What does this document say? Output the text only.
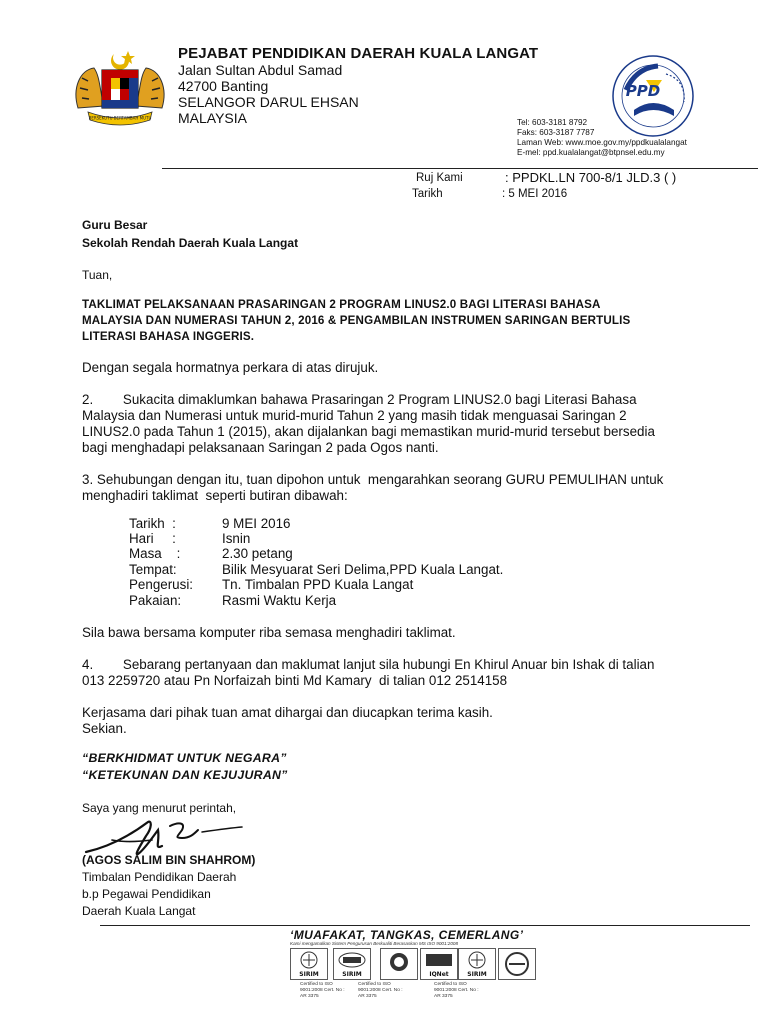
BERSEKUTU BERTAMBAH MUTU
PEJABAT PENDIDIKAN DAERAH KUALA LANGAT
Jalan Sultan Abdul Samad
42700 Banting
SELANGOR DARUL EHSAN
MALAYSIA
PPD
Tel: 603-3181 8792
Faks: 603-3187 7787
Laman Web: www.moe.gov.my/ppdkualalangat
E-mel: ppd.kualalangat@btpnsel.edu.my
Ruj Kami	: PPDKL.LN 700-8/1 JLD.3 ( )
Tarikh	: 5 MEI 2016
Guru Besar
Sekolah Rendah Daerah Kuala Langat
Tuan,
TAKLIMAT PELAKSANAAN PRASARINGAN 2 PROGRAM LINUS2.0 BAGI LITERASI BAHASA
MALAYSIA DAN NUMERASI TAHUN 2, 2016 & PENGAMBILAN INSTRUMEN SARINGAN BERTULIS
LITERASI BAHASA INGGERIS.
Dengan segala hormatnya perkara di atas dirujuk.
2.        Sukacita dimaklumkan bahawa Prasaringan 2 Program LINUS2.0 bagi Literasi Bahasa
Malaysia dan Numerasi untuk murid-murid Tahun 2 yang masih tidak menguasai Saringan 2
LINUS2.0 pada Tahun 1 (2015), akan dijalankan bagi memastikan murid-murid tersebut bersedia
bagi menghadapi pelaksanaan Saringan 2 pada Ogos nanti.
3. Sehubungan dengan itu, tuan dipohon untuk  mengarahkan seorang GURU PEMULIHAN untuk
menghadiri taklimat  seperti butiran dibawah:
Tarikh  :	9 MEI 2016
Hari     :	Isnin
Masa    :	2.30 petang
Tempat:	Bilik Mesyuarat Seri Delima,PPD Kuala Langat.
Pengerusi: Tn. Timbalan PPD Kuala Langat
Pakaian:	Rasmi Waktu Kerja
Sila bawa bersama komputer riba semasa menghadiri taklimat.
4.        Sebarang pertanyaan dan maklumat lanjut sila hubungi En Khirul Anuar bin Ishak di talian
013 2259720 atau Pn Norfaizah binti Md Kamary  di talian 012 2514158
Kerjasama dari pihak tuan amat dihargai dan diucapkan terima kasih.
Sekian.
“BERKHIDMAT UNTUK NEGARA”
“KETEKUNAN DAN KEJUJURAN”
Saya yang menurut perintah,
(AGOS SALIM BIN SHAHROM)
Timbalan Pendidikan Daerah
b.p Pegawai Pendidikan
Daerah Kuala Langat
‘MUAFAKAT, TANGKAS, CEMERLANG’
Kami mengamalkan Sistem Pengurusan Berkualiti Berasaskan MS ISO 9001:2008
SIRIM	SIRIM	IQNet	SIRIM
Certified to ISO 9001:2008 Cert. No : AR 3375
Certified to ISO 9001:2008 Cert. No : AR 3375
Certified to ISO 9001:2008 Cert. No : AR 3375
